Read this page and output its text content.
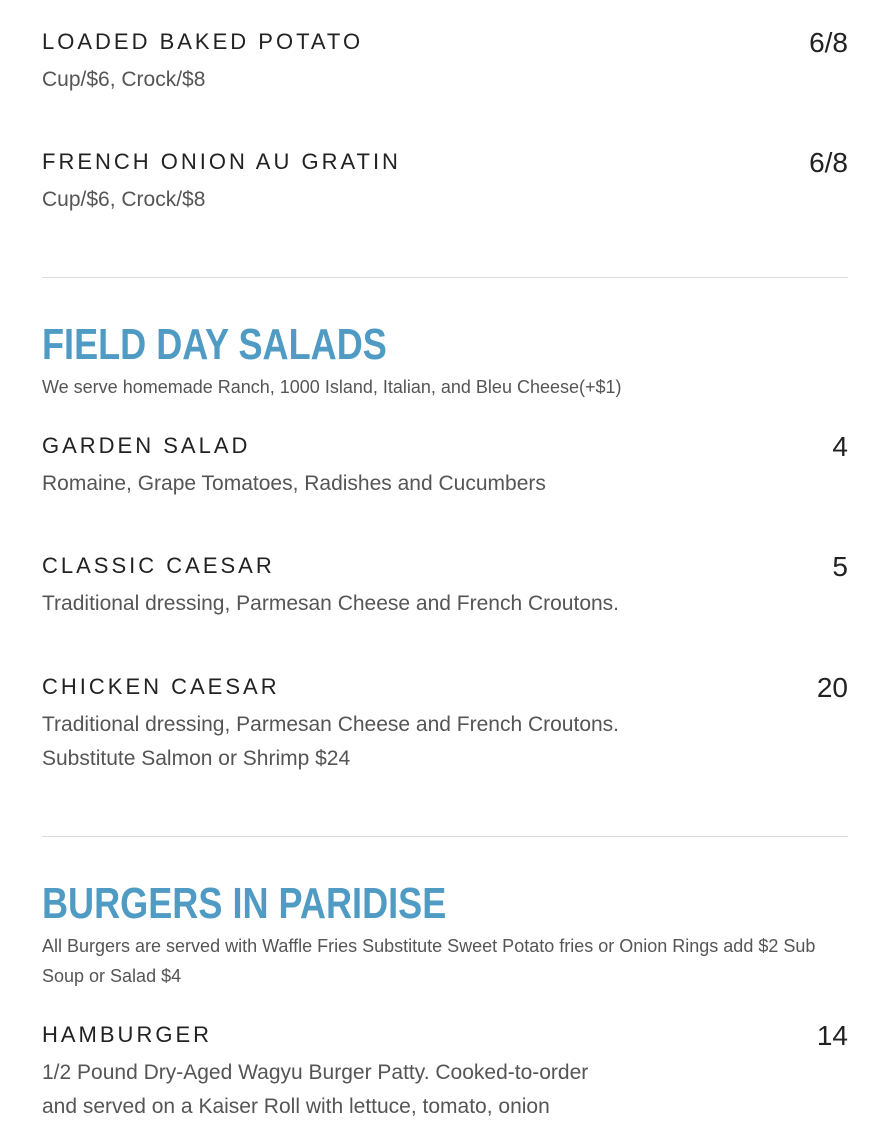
LOADED BAKED POTATO	6/8
Cup/$6, Crock/$8
FRENCH ONION AU GRATIN	6/8
Cup/$6, Crock/$8
FIELD DAY SALADS
We serve homemade Ranch, 1000 Island, Italian, and Bleu Cheese(+$1)
GARDEN SALAD	4
Romaine, Grape Tomatoes, Radishes and Cucumbers
CLASSIC CAESAR	5
Traditional dressing, Parmesan Cheese and French Croutons.
CHICKEN CAESAR	20
Traditional dressing, Parmesan Cheese and French Croutons.
Substitute Salmon or Shrimp $24
BURGERS IN PARIDISE
All Burgers are served with Waffle Fries Substitute Sweet Potato fries or Onion Rings add $2 Sub Soup or Salad $4
HAMBURGER	14
1/2 Pound Dry-Aged Wagyu Burger Patty. Cooked-to-order
and served on a Kaiser Roll with lettuce, tomato, onion
